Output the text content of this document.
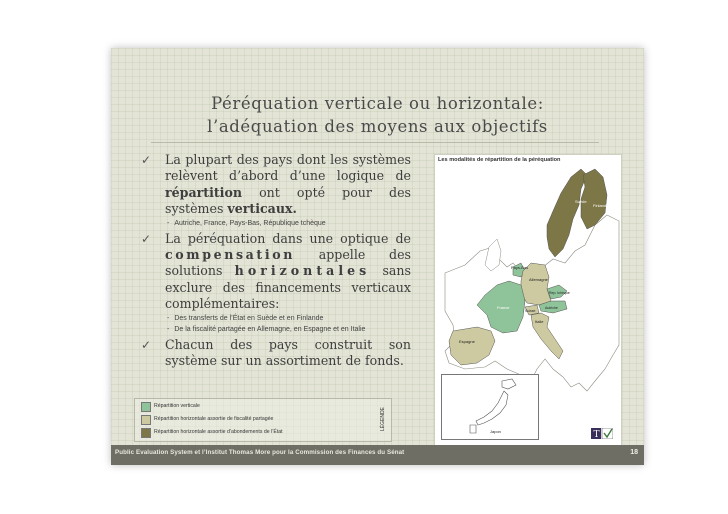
Péréquation verticale ou horizontale:
l’adéquation des moyens aux objectifs
✓ La plupart des pays dont les systèmes relèvent d’abord d’une logique de répartition ont opté pour des systèmes verticaux.
- Autriche, France, Pays-Bas, République tchèque
✓ La péréquation dans une optique de compensation appelle des solutions horizontales sans exclure des financements verticaux complémentaires:
- Des transferts de l’État en Suède et en Finlande
- De la fiscalité partagée en Allemagne, en Espagne et en Italie
✓ Chacun des pays construit son système sur un assortiment de fonds.
Les modalités de répartition de la péréquation
Suède
Finlande
Pays-Bas
Allemagne
France
Rep. tchèque
Autriche
Suisse
Espagne
Italie
Japon	T
Répartition verticale
Répartition horizontale assortie de fiscalité partagée
Répartition horizontale assortie d’abondements de l’État
LÉGENDE
Public Evaluation System et l’Institut Thomas More pour la Commission des Finances du Sénat	18
